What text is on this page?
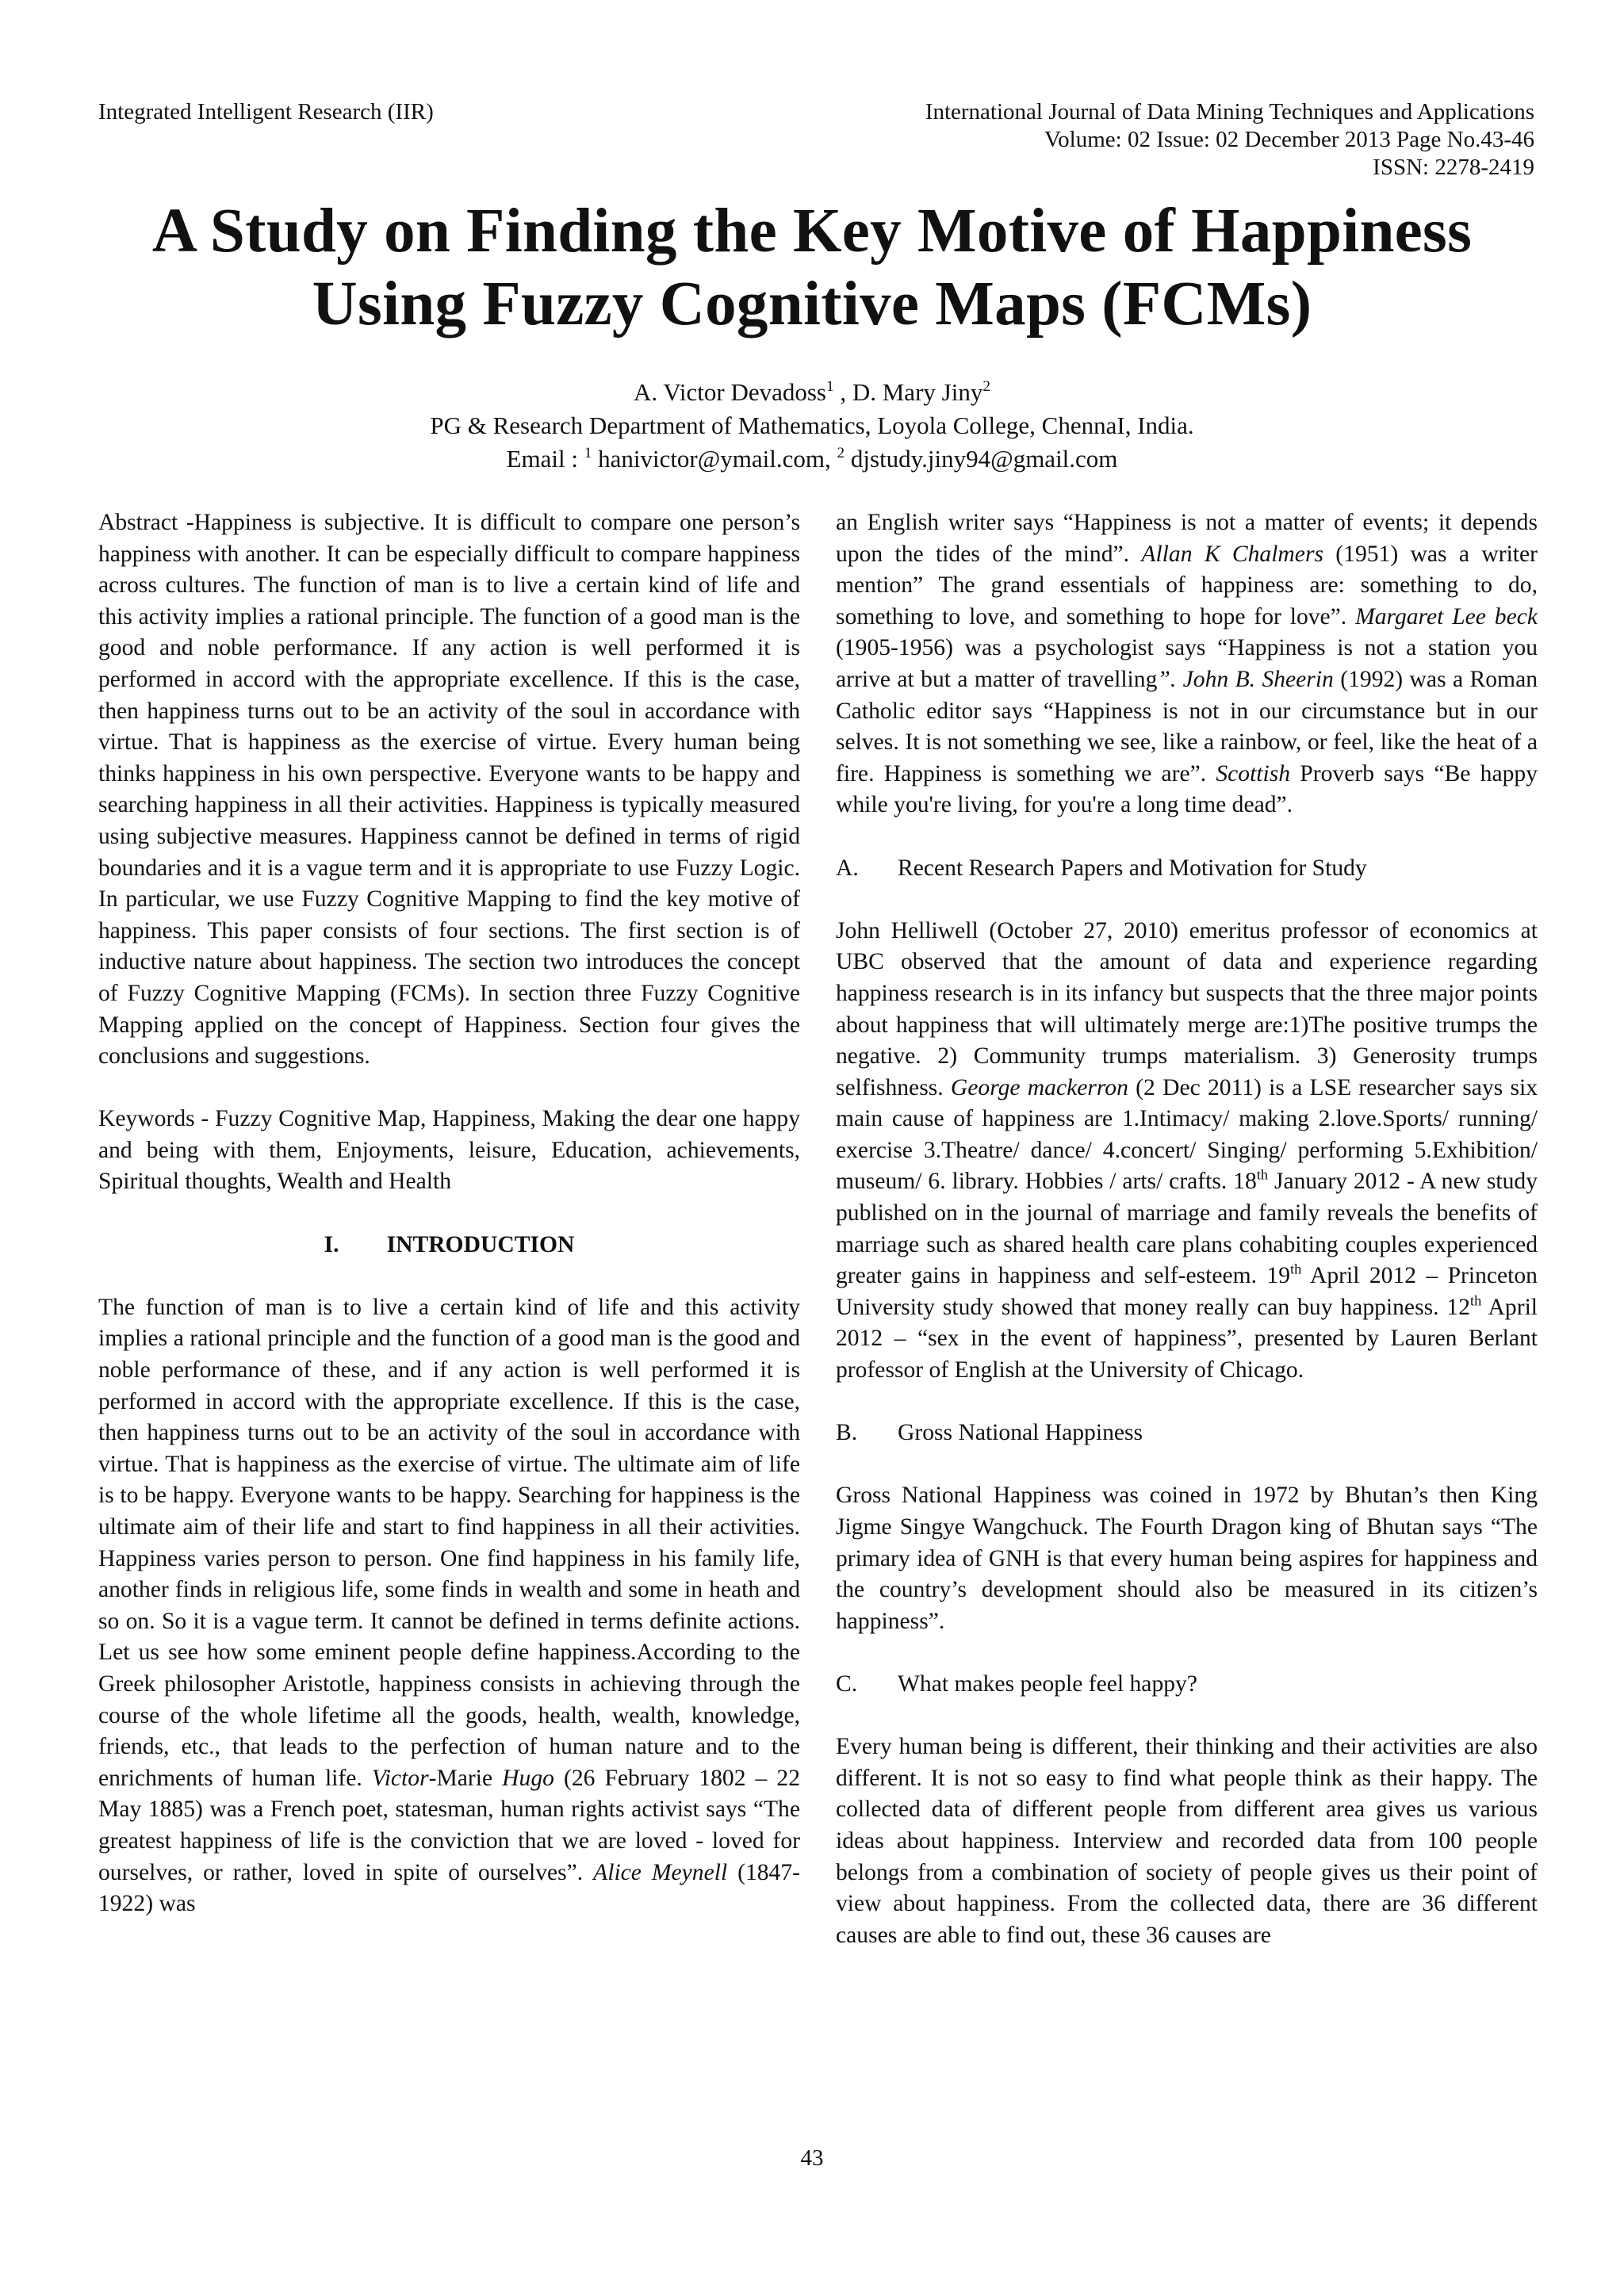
Integrated Intelligent Research (IIR)	International Journal of Data Mining Techniques and Applications
Volume: 02 Issue: 02 December 2013 Page No.43-46
ISSN: 2278-2419
A Study on Finding the Key Motive of Happiness
Using Fuzzy Cognitive Maps (FCMs)
A. Victor Devadoss$^1$ , D. Mary Jiny$^2$
PG & Research Department of Mathematics, Loyola College, ChennaI, India.
Email : $^1$ hanivictor@ymail.com, $^2$ djstudy.jiny94@gmail.com

Abstract -Happiness is subjective. It is difficult to compare one person’s happiness with another. It can be especially difficult to compare happiness across cultures. The function of man is to live a certain kind of life and this activity implies a rational principle. The function of a good man is the good and noble performance. If any action is well performed it is performed in accord with the appropriate excellence. If this is the case, then happiness turns out to be an activity of the soul in accordance with virtue. That is happiness as the exercise of virtue. Every human being thinks happiness in his own perspective. Everyone wants to be happy and searching happiness in all their activities. Happiness is typically measured using subjective measures. Happiness cannot be defined in terms of rigid boundaries and it is a vague term and it is appropriate to use Fuzzy Logic. In particular, we use Fuzzy Cognitive Mapping to find the key motive of happiness. This paper consists of four sections. The first section is of inductive nature about happiness. The section two introduces the concept of Fuzzy Cognitive Mapping (FCMs). In section three Fuzzy Cognitive Mapping applied on the concept of Happiness. Section four gives the conclusions and suggestions.

Keywords - Fuzzy Cognitive Map, Happiness, Making the dear one happy and being with them, Enjoyments, leisure, Education, achievements, Spiritual thoughts, Wealth and Health

I. INTRODUCTION

The function of man is to live a certain kind of life and this activity implies a rational principle and the function of a good man is the good and noble performance of these, and if any action is well performed it is performed in accord with the appropriate excellence. If this is the case, then happiness turns out to be an activity of the soul in accordance with virtue. That is happiness as the exercise of virtue. The ultimate aim of life is to be happy. Everyone wants to be happy. Searching for happiness is the ultimate aim of their life and start to find happiness in all their activities. Happiness varies person to person. One find happiness in his family life, another finds in religious life, some finds in wealth and some in heath and so on. So it is a vague term. It cannot be defined in terms definite actions. Let us see how some eminent people define happiness.According to the Greek philosopher Aristotle, happiness consists in achieving through the course of the whole lifetime all the goods, health, wealth, knowledge, friends, etc., that leads to the perfection of human nature and to the enrichments of human life. Victor-Marie Hugo (26 February 1802 – 22 May 1885) was a French poet, statesman, human rights activist says “The greatest happiness of life is the conviction that we are loved - loved for ourselves, or rather, loved in spite of ourselves”. Alice Meynell (1847-1922) was

an English writer says “Happiness is not a matter of events; it depends upon the tides of the mind”. Allan K Chalmers (1951) was a writer mention” The grand essentials of happiness are: something to do, something to love, and something to hope for love”. Margaret Lee beck (1905-1956) was a psychologist says “Happiness is not a station you arrive at but a matter of travelling”. John B. Sheerin (1992) was a Roman Catholic editor says “Happiness is not in our circumstance but in our selves. It is not something we see, like a rainbow, or feel, like the heat of a fire. Happiness is something we are”. Scottish Proverb says “Be happy while you're living, for you're a long time dead”.

A. Recent Research Papers and Motivation for Study

John Helliwell (October 27, 2010) emeritus professor of economics at UBC observed that the amount of data and experience regarding happiness research is in its infancy but suspects that the three major points about happiness that will ultimately merge are:1)The positive trumps the negative. 2) Community trumps materialism. 3) Generosity trumps selfishness. George mackerron (2 Dec 2011) is a LSE researcher says six main cause of happiness are 1.Intimacy/ making 2.love.Sports/ running/ exercise 3.Theatre/ dance/ 4.concert/ Singing/ performing 5.Exhibition/ museum/ 6. library. Hobbies / arts/ crafts. 18th January 2012 - A new study published on in the journal of marriage and family reveals the benefits of marriage such as shared health care plans cohabiting couples experienced greater gains in happiness and self-esteem. 19th April 2012 – Princeton University study showed that money really can buy happiness. 12th April 2012 – “sex in the event of happiness”, presented by Lauren Berlant professor of English at the University of Chicago.

B. Gross National Happiness

Gross National Happiness was coined in 1972 by Bhutan’s then King Jigme Singye Wangchuck. The Fourth Dragon king of Bhutan says “The primary idea of GNH is that every human being aspires for happiness and the country’s development should also be measured in its citizen’s happiness”.

C. What makes people feel happy?

Every human being is different, their thinking and their activities are also different. It is not so easy to find what people think as their happy. The collected data of different people from different area gives us various ideas about happiness. Interview and recorded data from 100 people belongs from a combination of society of people gives us their point of view about happiness. From the collected data, there are 36 different causes are able to find out, these 36 causes are

43
